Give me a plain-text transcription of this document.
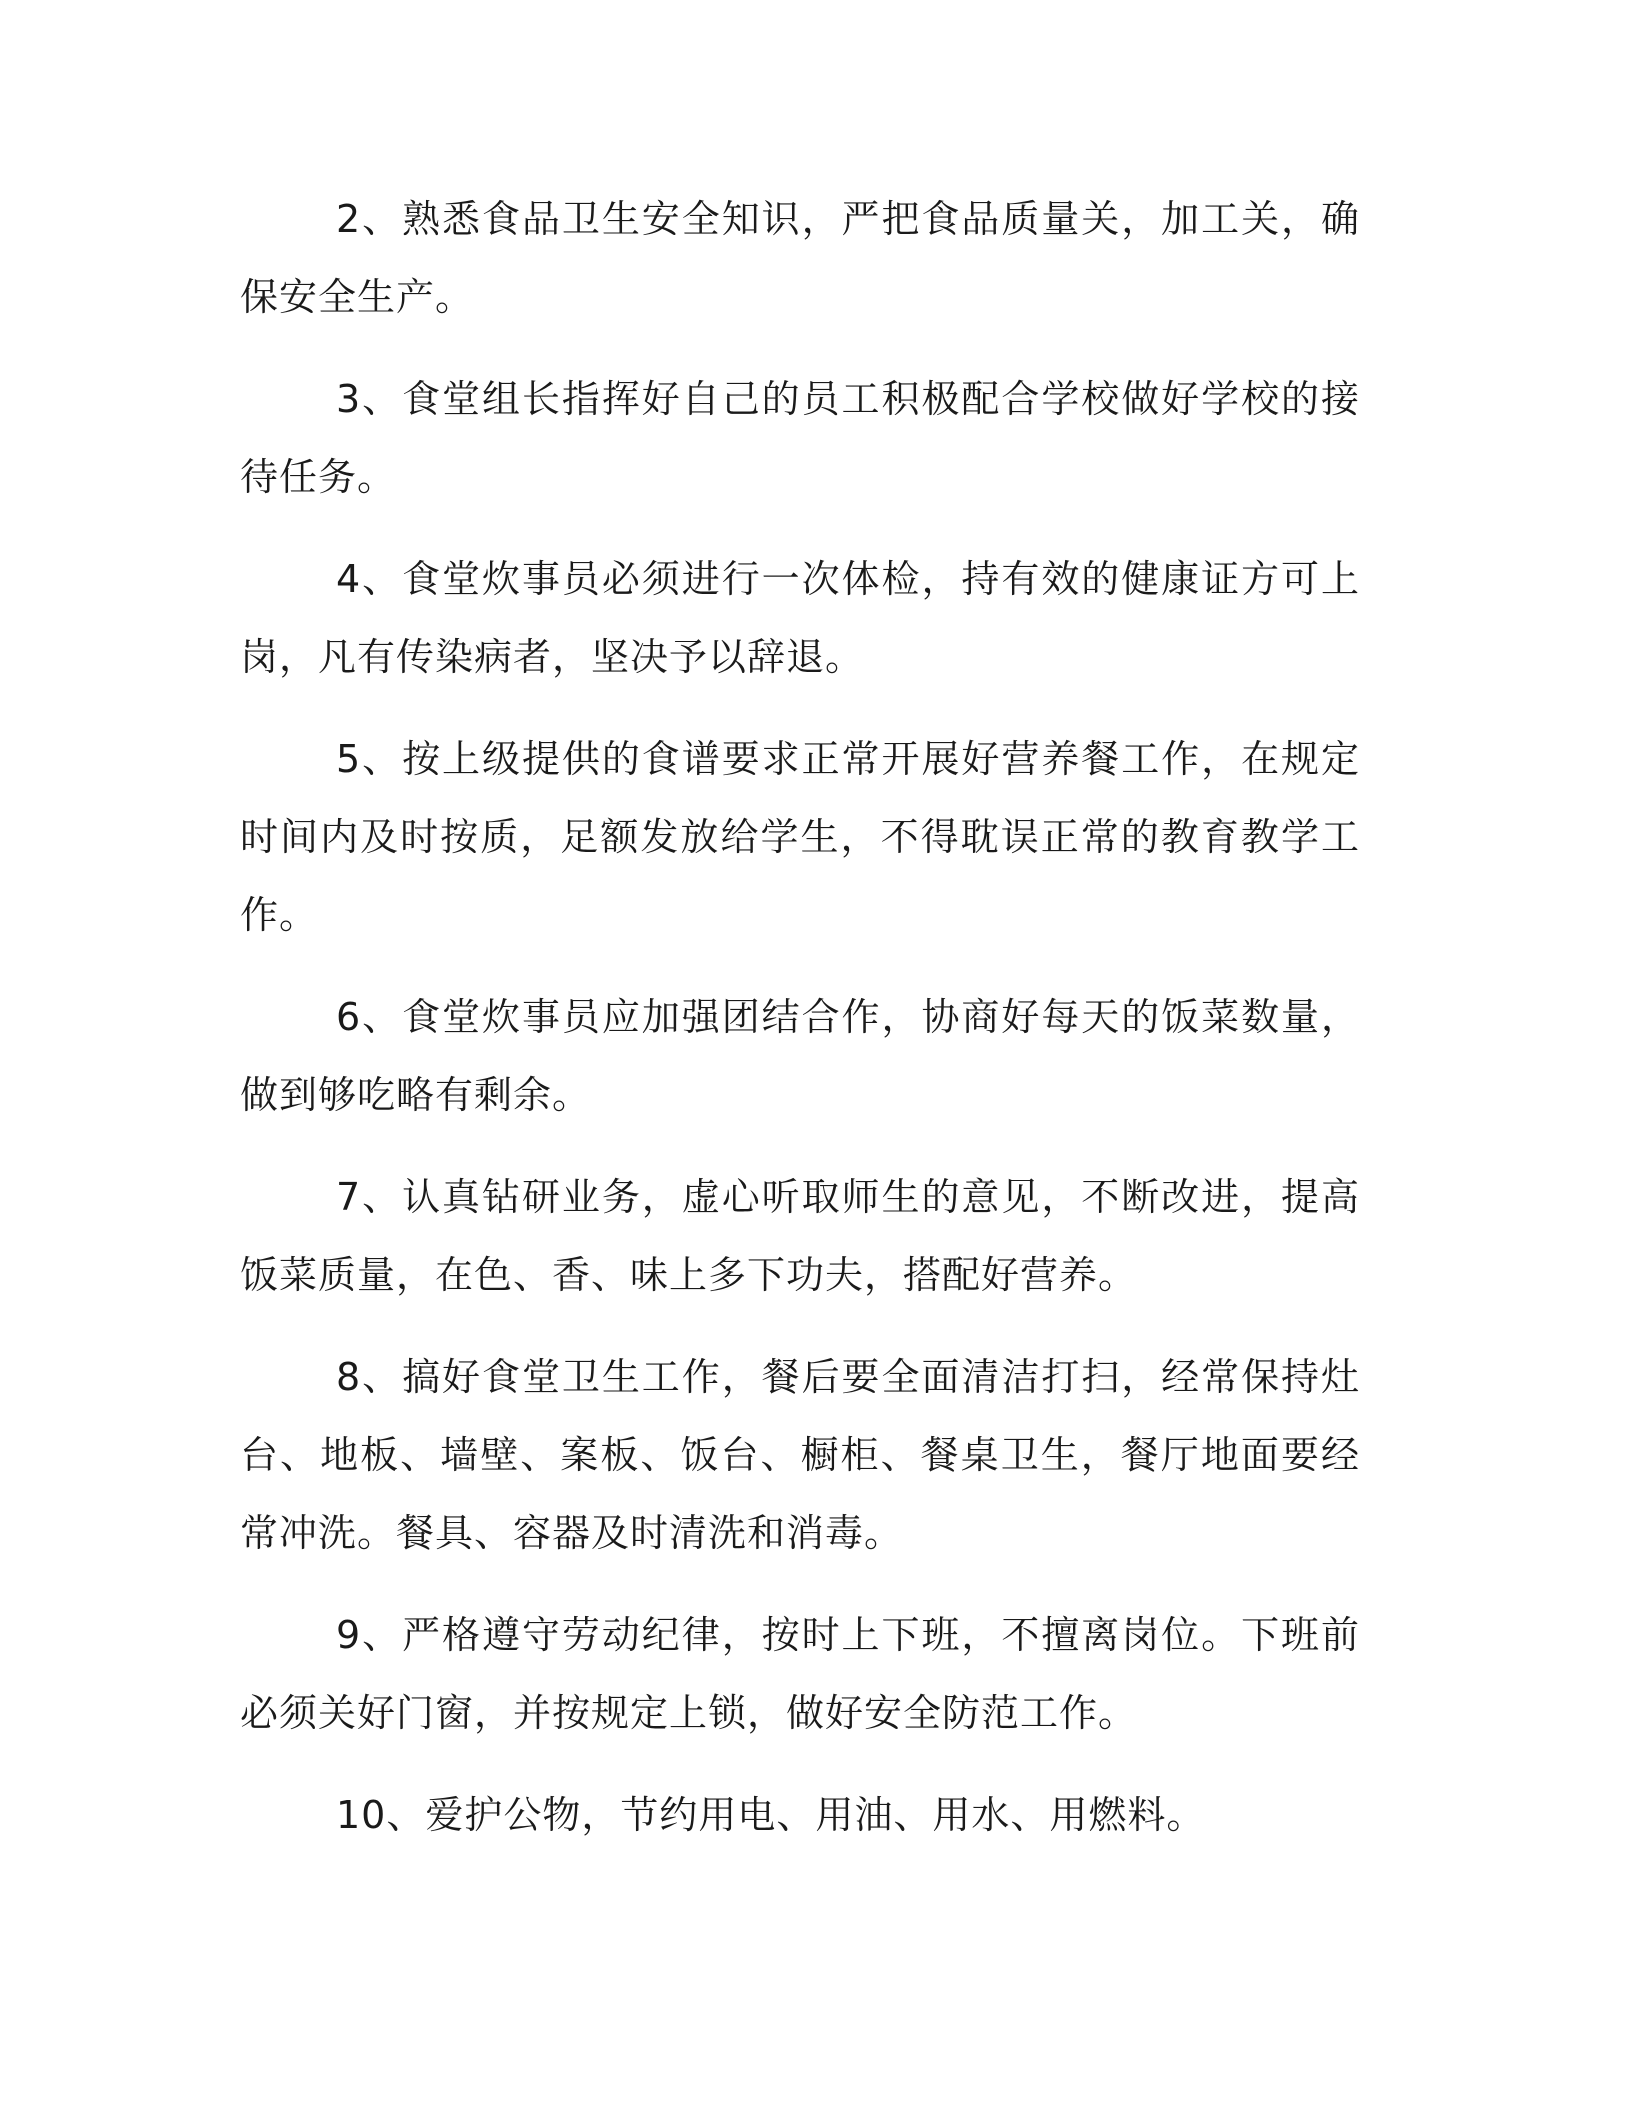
2、熟悉食品卫生安全知识，严把食品质量关，加工关，确保安全生产。

3、食堂组长指挥好自己的员工积极配合学校做好学校的接待任务。

4、食堂炊事员必须进行一次体检，持有效的健康证方可上岗，凡有传染病者，坚决予以辞退。

5、按上级提供的食谱要求正常开展好营养餐工作，在规定时间内及时按质，足额发放给学生，不得耽误正常的教育教学工作。

6、食堂炊事员应加强团结合作，协商好每天的饭菜数量，做到够吃略有剩余。

7、认真钻研业务，虚心听取师生的意见，不断改进，提高饭菜质量，在色、香、味上多下功夫，搭配好营养。

8、搞好食堂卫生工作，餐后要全面清洁打扫，经常保持灶台、地板、墙壁、案板、饭台、橱柜、餐桌卫生，餐厅地面要经常冲洗。餐具、容器及时清洗和消毒。

9、严格遵守劳动纪律，按时上下班，不擅离岗位。下班前必须关好门窗，并按规定上锁，做好安全防范工作。

10、爱护公物，节约用电、用油、用水、用燃料。
